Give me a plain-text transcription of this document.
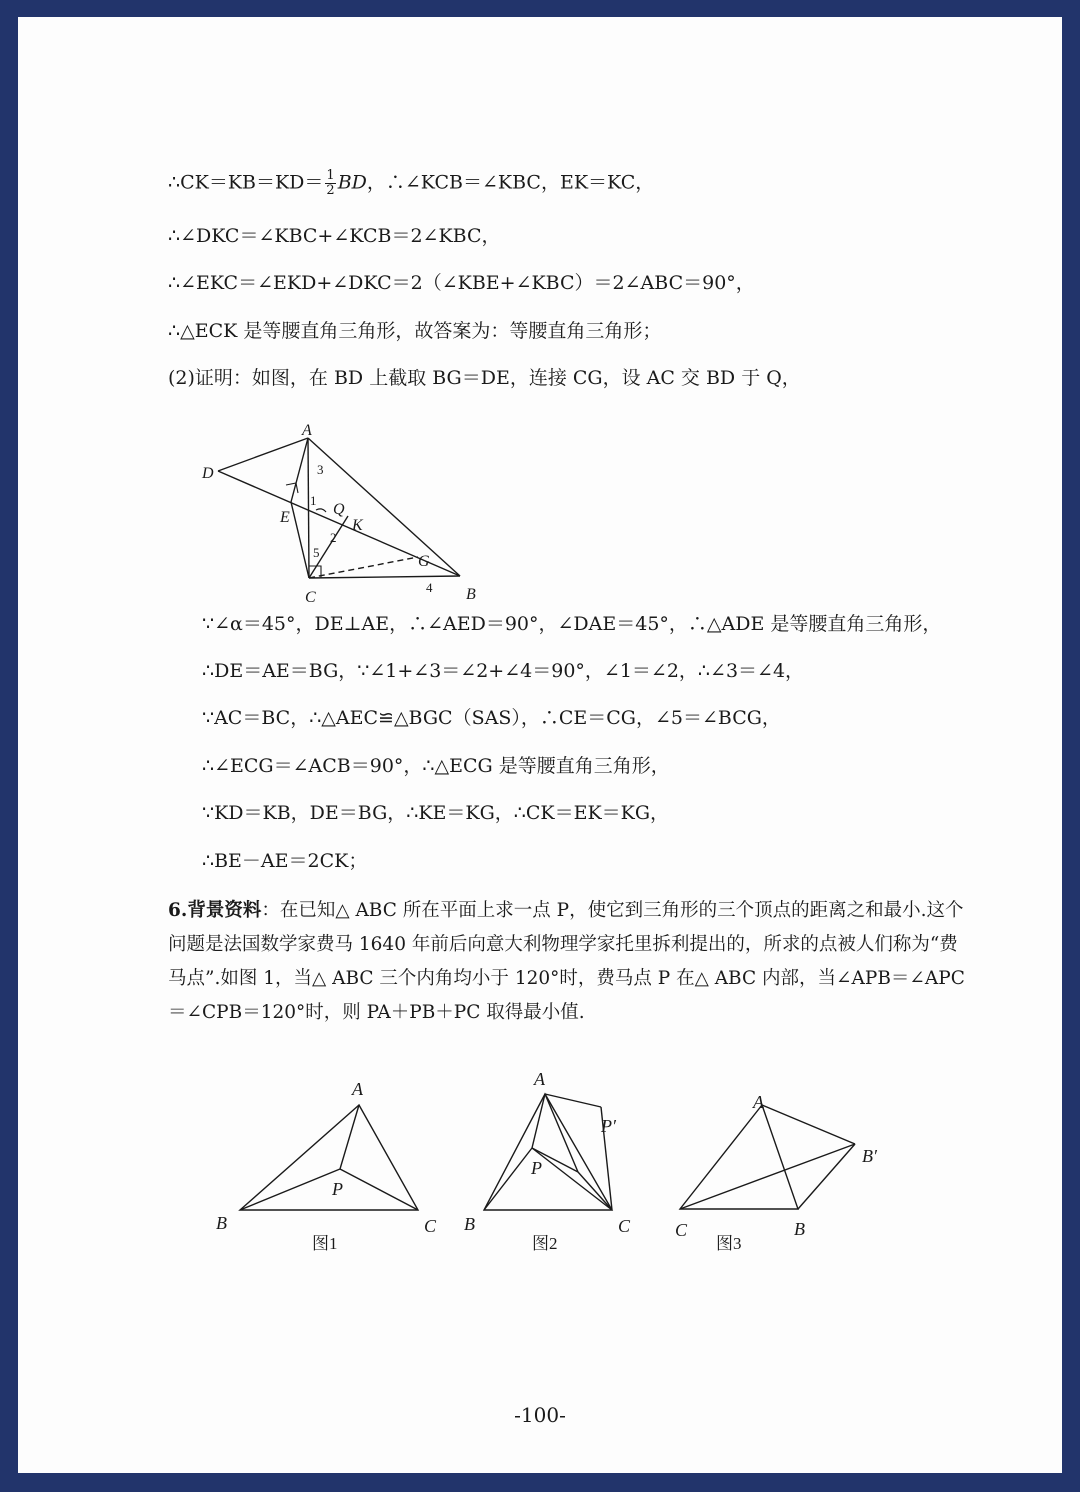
∴CK＝KB＝KD＝ $\frac{1}{2}$ BD，∴∠KCB＝∠KBC，EK＝KC，
∴∠DKC＝∠KBC+∠KCB＝2∠KBC，
∴∠EKC＝∠EKD+∠DKC＝2（∠KBE+∠KBC）＝2∠ABC＝90°，
∴△ECK 是等腰直角三角形，故答案为：等腰直角三角形；
(2)证明：如图，在 BD 上截取 BG＝DE，连接 CG，设 AC 交 BD 于 Q，
A
D
E	Q
K
G
C	B
1
2
3
4
5
∵∠α＝45°，DE⊥AE，∴∠AED＝90°，∠DAE＝45°，∴△ADE 是等腰直角三角形，
∴DE＝AE＝BG，∵∠1+∠3＝∠2+∠4＝90°，∠1＝∠2，∴∠3＝∠4，
∵AC＝BC，∴△AEC≌△BGC（SAS），∴CE＝CG，∠5＝∠BCG，
∴∠ECG＝∠ACB＝90°，∴△ECG 是等腰直角三角形，
∵KD＝KB，DE＝BG，∴KE＝KG，∴CK＝EK＝KG，
∴BE－AE＝2CK；
6.背景资料：在已知△ ABC 所在平面上求一点 P，使它到三角形的三个顶点的距离之和最小.这个问题是法国数学家费马 1640 年前后向意大利物理学家托里拆利提出的，所求的点被人们称为“费马点”.如图 1，当△ ABC 三个内角均小于 120°时，费马点 P 在△ ABC 内部，当∠APB＝∠APC＝∠CPB＝120°时，则 PA＋PB＋PC 取得最小值.
A
B	C
P
A
B	C
P
P′
A
B′
C	B
图1	图2	图3
-100-
